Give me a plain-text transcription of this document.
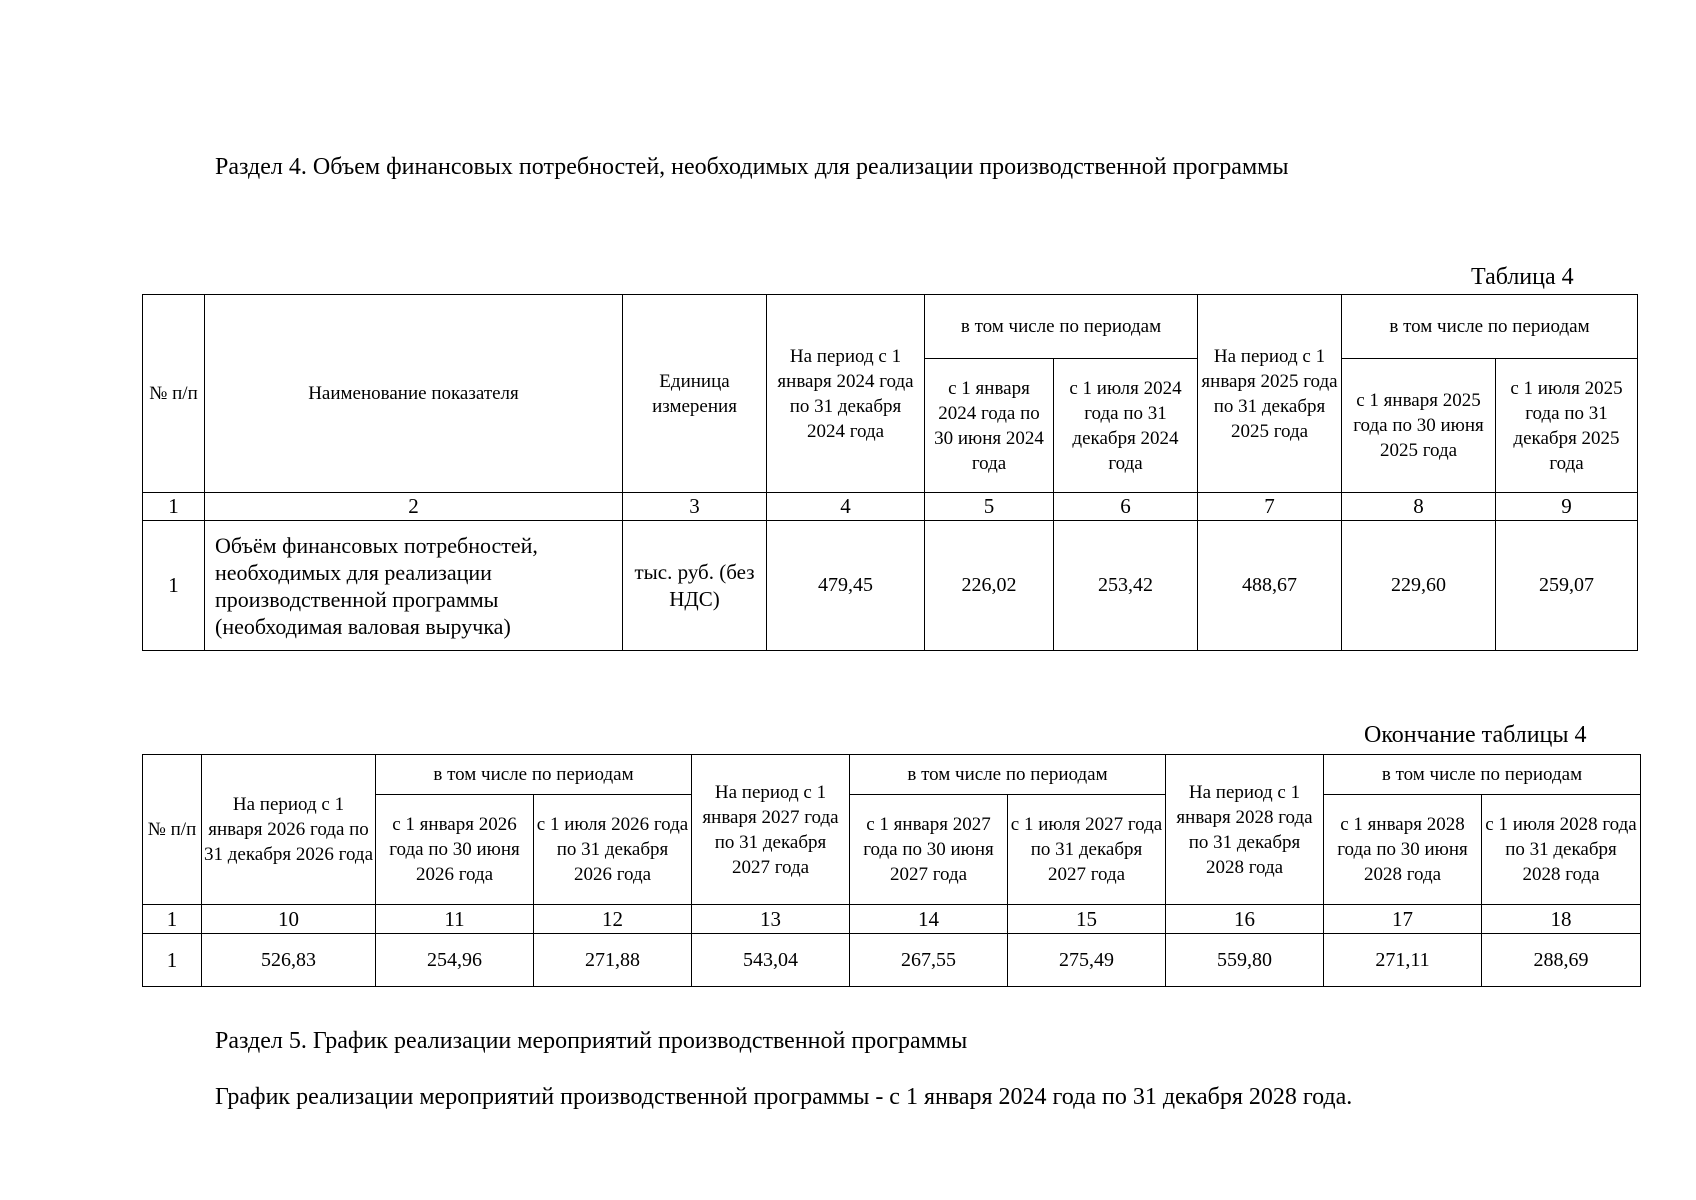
Раздел 4. Объем финансовых потребностей, необходимых для реализации производственной программы
Таблица 4
№ п/п	Наименование показателя	Единица измерения	На период с 1 января 2024 года по 31 декабря 2024 года	в том числе по периодам		На период с 1 января 2025 года по 31 декабря 2025 года	в том числе по периодам	
				с 1 января 2024 года по 30 июня 2024 года	с 1 июля 2024 года по 31 декабря 2024 года		с 1 января 2025 года по 30 июня 2025 года	с 1 июля 2025 года по 31 декабря 2025 года
1	2	3	4	5	6	7	8	9
1	Объём финансовых потребностей, необходимых для реализации производственной программы (необходимая валовая выручка)	тыс. руб. (без НДС)	479,45	226,02	253,42	488,67	229,60	259,07
Окончание таблицы 4
№ п/п	На период с 1 января 2026 года по 31 декабря 2026 года	в том числе по периодам		На период с 1 января 2027 года по 31 декабря 2027 года	в том числе по периодам		На период с 1 января 2028 года по 31 декабря 2028 года	в том числе по периодам	
		с 1 января 2026 года по 30 июня 2026 года	с 1 июля 2026 года по 31 декабря 2026 года		с 1 января 2027 года по 30 июня 2027 года	с 1 июля 2027 года по 31 декабря 2027 года		с 1 января 2028 года по 30 июня 2028 года	с 1 июля 2028 года по 31 декабря 2028 года
1	10	11	12	13	14	15	16	17	18
1	526,83	254,96	271,88	543,04	267,55	275,49	559,80	271,11	288,69
Раздел 5. График реализации мероприятий производственной программы
График реализации мероприятий производственной программы - с 1 января 2024 года по 31 декабря 2028 года.
